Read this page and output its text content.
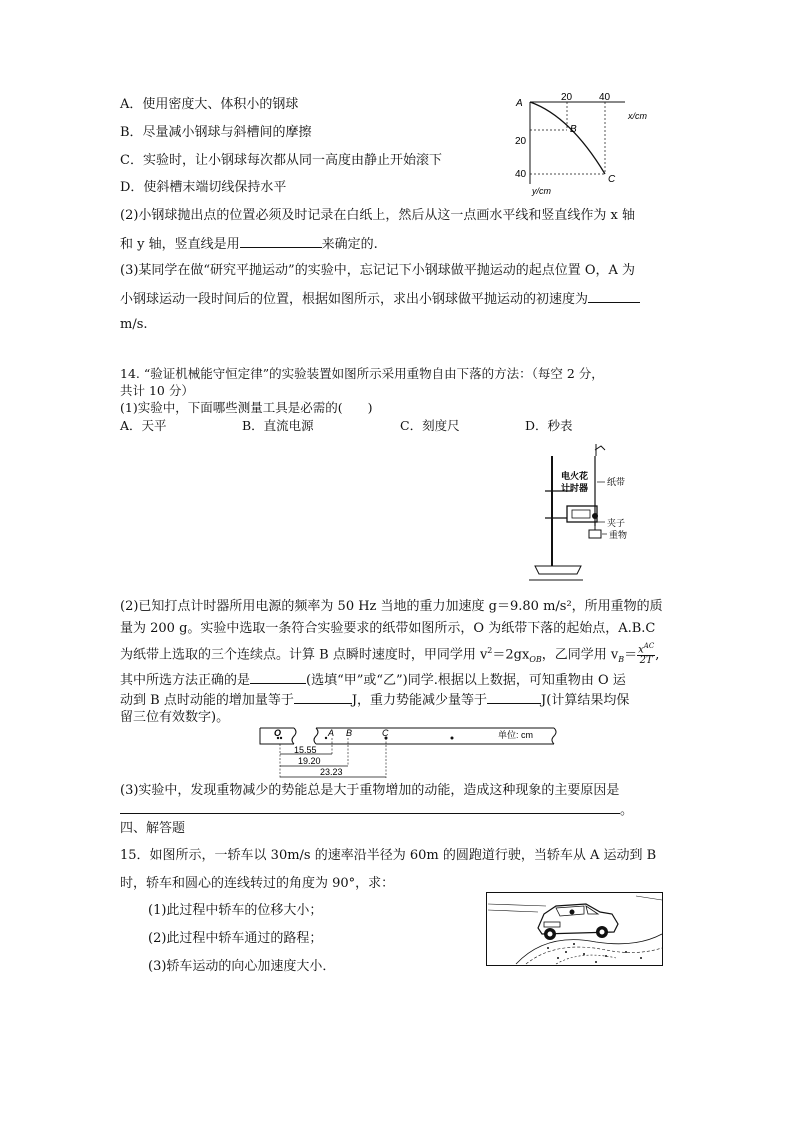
A．使用密度大、体积小的钢球
B．尽量减小钢球与斜槽间的摩擦
C．实验时，让小钢球每次都从同一高度由静止开始滚下
D．使斜槽末端切线保持水平
A
B
C
20	40
x/cm
20
40
y/cm
(2)小钢球抛出点的位置必须及时记录在白纸上，然后从这一点画水平线和竖直线作为 x 轴
和 y 轴，竖直线是用	来确定的.
(3)某同学在做“研究平抛运动”的实验中，忘记记下小钢球做平抛运动的起点位置 O，A 为
小钢球运动一段时间后的位置，根据如图所示，求出小钢球做平抛运动的初速度为
m/s.
14. “验证机械能守恒定律”的实验装置如图所示采用重物自由下落的方法：（每空 2 分，
共计 10 分）
(1)实验中，下面哪些测量工具是必需的(　　)
A．天平	B．直流电源	C．刻度尺	D．秒表
电火花
计时器
纸带
夹子
重物
(2)已知打点计时器所用电源的频率为 50 Hz 当地的重力加速度 g＝9.80 m/s²，所用重物的质
量为 200 g。实验中选取一条符合实验要求的纸带如图所示，O 为纸带下落的起始点，A.B.C
为纸带上选取的三个连续点。计算 B 点瞬时速度时，甲同学用 $v^2=2gx_{OB}$，乙同学用 $v_B= \frac{x^{AC}}{2T}$ ,
其中所选方法正确的是	(选填“甲”或“乙”)同学.根据以上数据，可知重物由 O 运
动到 B 点时动能的增加量等于	J，重力势能减少量等于	J(计算结果均保
留三位有效数字)。
O	A B	C	单位: cm
15.55
19.20
23.23
(3)实验中，发现重物减少的势能总是大于重物增加的动能，造成这种现象的主要原因是
。
四、解答题
15．如图所示，一轿车以 30m/s 的速率沿半径为 60m 的圆跑道行驶，当轿车从 A 运动到 B
时，轿车和圆心的连线转过的角度为 90°，求：
(1)此过程中轿车的位移大小；
(2)此过程中轿车通过的路程；
(3)轿车运动的向心加速度大小．
